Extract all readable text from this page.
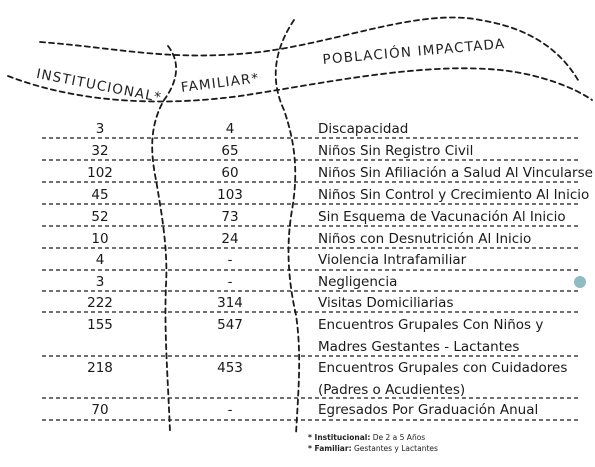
INSTITUCIONAL* FAMILIAR*
POBLACIÓN IMPACTADA
3	4	Discapacidad
32	65	Niños Sin Registro Civil
102	60	Niños Sin Afiliación a Salud Al Vincularse
45	103	Niños Sin Control y Crecimiento Al Inicio
52	73	Sin Esquema de Vacunación Al Inicio
10	24	Niños con Desnutrición Al Inicio
4	-	Violencia Intrafamiliar
3	-	Negligencia
222	314	Visitas Domiciliarias
155	547	Encuentros Grupales Con Niños y
Madres Gestantes - Lactantes
218	453	Encuentros Grupales con Cuidadores
(Padres o Acudientes)
70	-	Egresados Por Graduación Anual
* Institucional: De 2 a 5 Años
* Familiar: Gestantes y Lactantes
